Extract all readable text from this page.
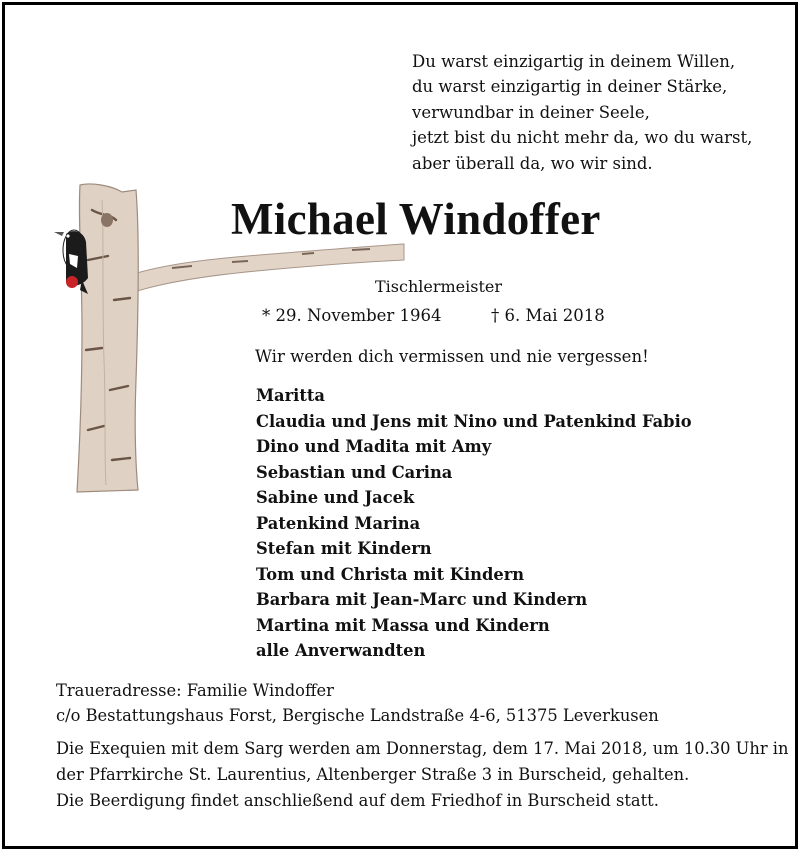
Du warst einzigartig in deinem Willen,
du warst einzigartig in deiner Stärke,
verwundbar in deiner Seele,
jetzt bist du nicht mehr da, wo du warst,
aber überall da, wo wir sind.
Michael Windoffer
Tischlermeister
* 29. November 1964	† 6. Mai 2018
Wir werden dich vermissen und nie vergessen!
Maritta
Claudia und Jens mit Nino und Patenkind Fabio
Dino und Madita mit Amy
Sebastian und Carina
Sabine und Jacek
Patenkind Marina
Stefan mit Kindern
Tom und Christa mit Kindern
Barbara mit Jean-Marc und Kindern
Martina mit Massa und Kindern
alle Anverwandten
Traueradresse: Familie Windoffer
c/o Bestattungshaus Forst, Bergische Landstraße 4-6, 51375 Leverkusen
Die Exequien mit dem Sarg werden am Donnerstag, dem 17. Mai 2018, um 10.30 Uhr in
der Pfarrkirche St. Laurentius, Altenberger Straße 3 in Burscheid, gehalten.
Die Beerdigung findet anschließend auf dem Friedhof in Burscheid statt.
